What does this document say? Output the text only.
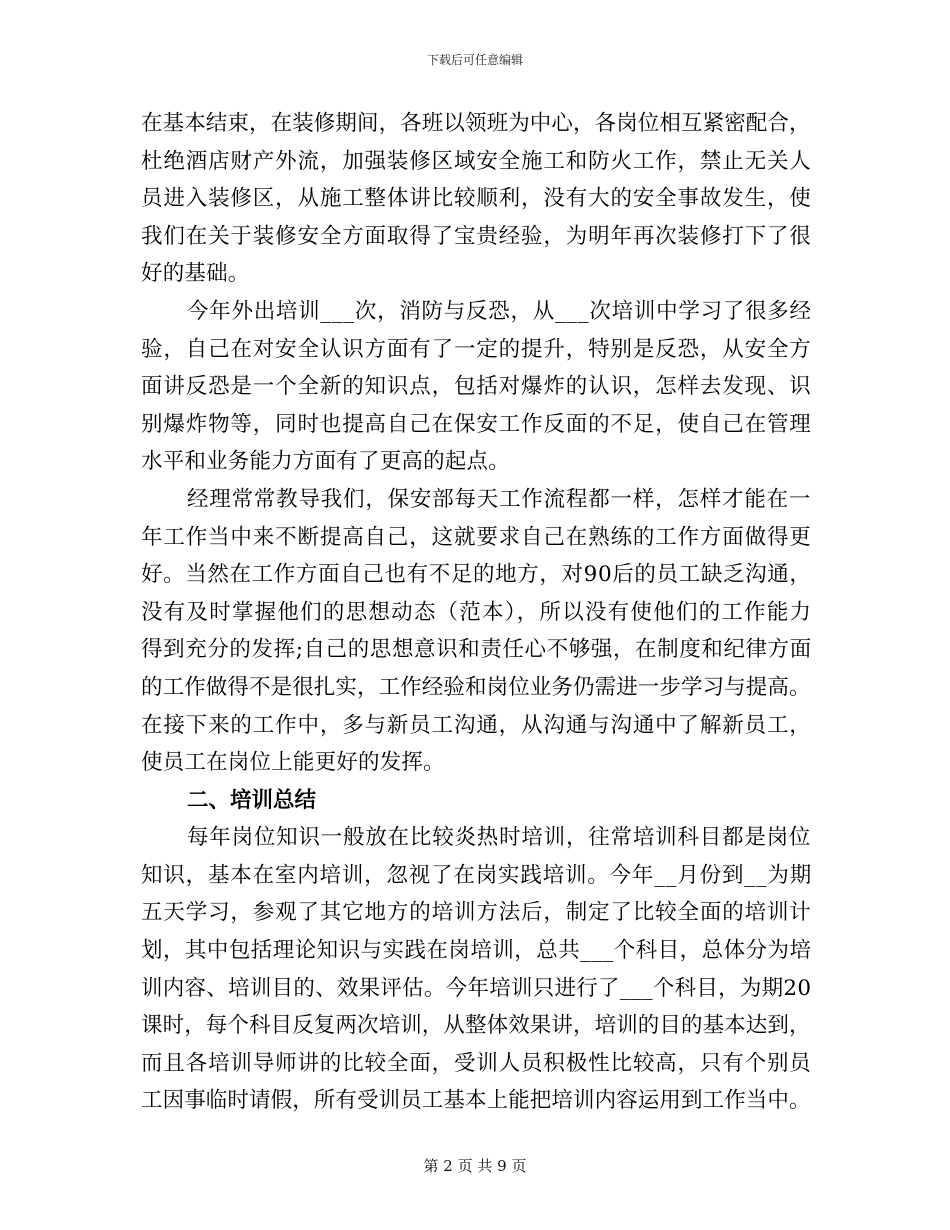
下载后可任意编辑

在基本结束，在装修期间，各班以领班为中心，各岗位相互紧密配合，
杜绝酒店财产外流，加强装修区域安全施工和防火工作，禁止无关人
员进入装修区，从施工整体讲比较顺利，没有大的安全事故发生，使
我们在关于装修安全方面取得了宝贵经验，为明年再次装修打下了很
好的基础。

今年外出培训___次，消防与反恐，从___次培训中学习了很多经
验，自己在对安全认识方面有了一定的提升，特别是反恐，从安全方
面讲反恐是一个全新的知识点，包括对爆炸的认识，怎样去发现、识
别爆炸物等，同时也提高自己在保安工作反面的不足，使自己在管理
水平和业务能力方面有了更高的起点。

经理常常教导我们，保安部每天工作流程都一样，怎样才能在一
年工作当中来不断提高自己，这就要求自己在熟练的工作方面做得更
好。当然在工作方面自己也有不足的地方，对90后的员工缺乏沟通，
没有及时掌握他们的思想动态（范本），所以没有使他们的工作能力
得到充分的发挥;自己的思想意识和责任心不够强，在制度和纪律方面
的工作做得不是很扎实，工作经验和岗位业务仍需进一步学习与提高。
在接下来的工作中，多与新员工沟通，从沟通与沟通中了解新员工，
使员工在岗位上能更好的发挥。

二、培训总结

每年岗位知识一般放在比较炎热时培训，往常培训科目都是岗位
知识，基本在室内培训，忽视了在岗实践培训。今年__月份到__为期
五天学习，参观了其它地方的培训方法后，制定了比较全面的培训计
划，其中包括理论知识与实践在岗培训，总共___个科目，总体分为培
训内容、培训目的、效果评估。今年培训只进行了___个科目，为期20
课时，每个科目反复两次培训，从整体效果讲，培训的目的基本达到，
而且各培训导师讲的比较全面，受训人员积极性比较高，只有个别员
工因事临时请假，所有受训员工基本上能把培训内容运用到工作当中。

第 2 页 共 9 页
